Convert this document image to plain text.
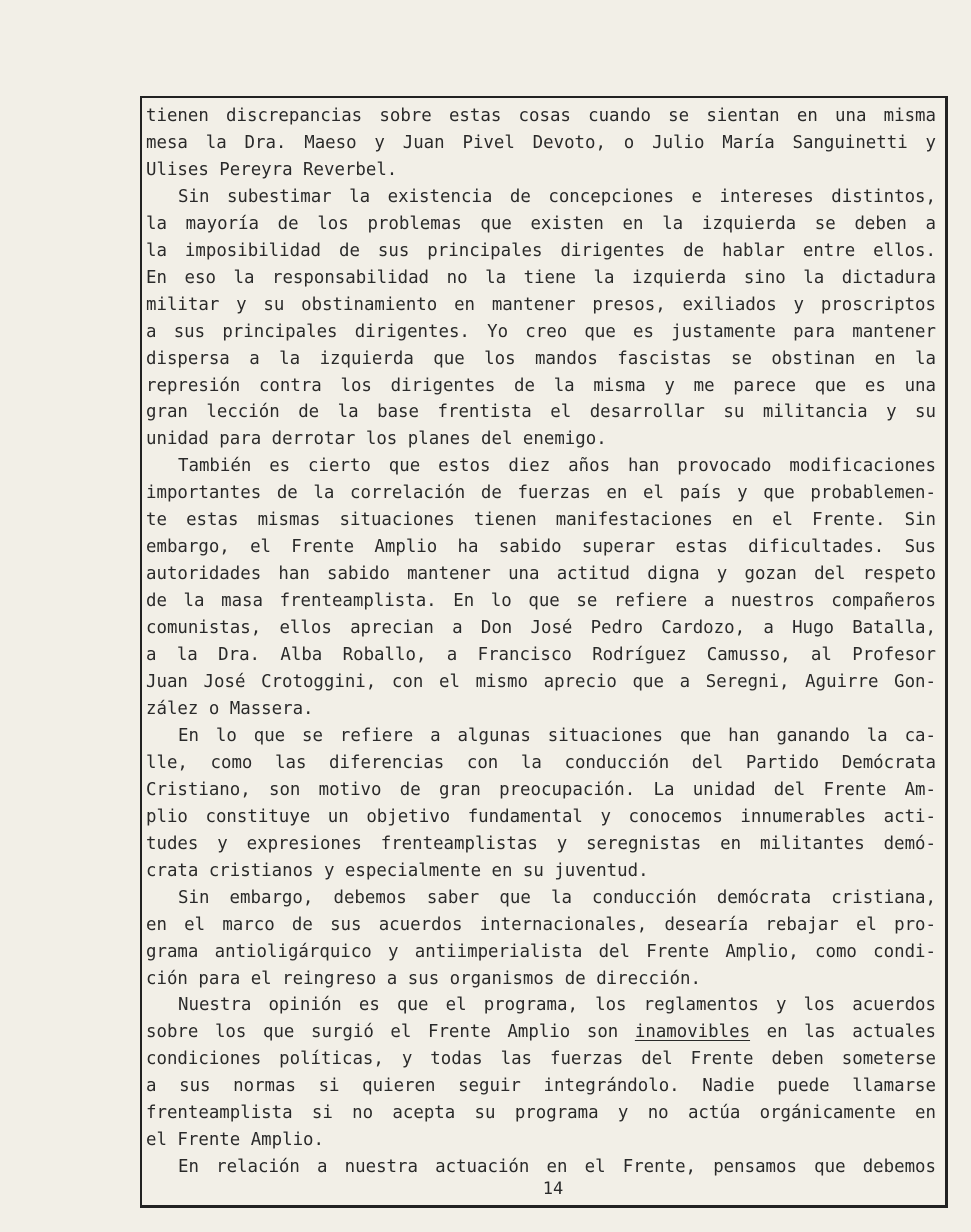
tienen discrepancias sobre estas cosas cuando se sientan en una misma

mesa la Dra. Maeso y Juan Pivel Devoto, o Julio María Sanguinetti y

Ulises Pereyra Reverbel.

Sin subestimar la existencia de concepciones e intereses distintos,

la mayoría de los problemas que existen en la izquierda se deben a

la imposibilidad de sus principales dirigentes de hablar entre ellos.

En eso la responsabilidad no la tiene la izquierda sino la dictadura

militar y su obstinamiento en mantener presos, exiliados y proscriptos

a sus principales dirigentes. Yo creo que es justamente para mantener

dispersa a la izquierda que los mandos fascistas se obstinan en la

represión contra los dirigentes de la misma y me parece que es una

gran lección de la base frentista el desarrollar su militancia y su

unidad para derrotar los planes del enemigo.

También es cierto que estos diez años han provocado modificaciones

importantes de la correlación de fuerzas en el país y que probablemen-

te estas mismas situaciones tienen manifestaciones en el Frente. Sin

embargo, el Frente Amplio ha sabido superar estas dificultades. Sus

autoridades han sabido mantener una actitud digna y gozan del respeto

de la masa frenteamplista. En lo que se refiere a nuestros compañeros

comunistas, ellos aprecian a Don José Pedro Cardozo, a Hugo Batalla,

a la Dra. Alba Roballo, a Francisco Rodríguez Camusso, al Profesor

Juan José Crotoggini, con el mismo aprecio que a Seregni, Aguirre Gon-

zález o Massera.

En lo que se refiere a algunas situaciones que han ganando la ca-

lle, como las diferencias con la conducción del Partido Demócrata

Cristiano, son motivo de gran preocupación. La unidad del Frente Am-

plio constituye un objetivo fundamental y conocemos innumerables acti-

tudes y expresiones frenteamplistas y seregnistas en militantes demó-

crata cristianos y especialmente en su juventud.

Sin embargo, debemos saber que la conducción demócrata cristiana,

en el marco de sus acuerdos internacionales, desearía rebajar el pro-

grama antioligárquico y antiimperialista del Frente Amplio, como condi-

ción para el reingreso a sus organismos de dirección.

Nuestra opinión es que el programa, los reglamentos y los acuerdos

sobre los que surgió el Frente Amplio son inamovibles en las actuales

condiciones políticas, y todas las fuerzas del Frente deben someterse

a sus normas si quieren seguir integrándolo. Nadie puede llamarse

frenteamplista si no acepta su programa y no actúa orgánicamente en

el Frente Amplio.

En relación a nuestra actuación en el Frente, pensamos que debemos

14
